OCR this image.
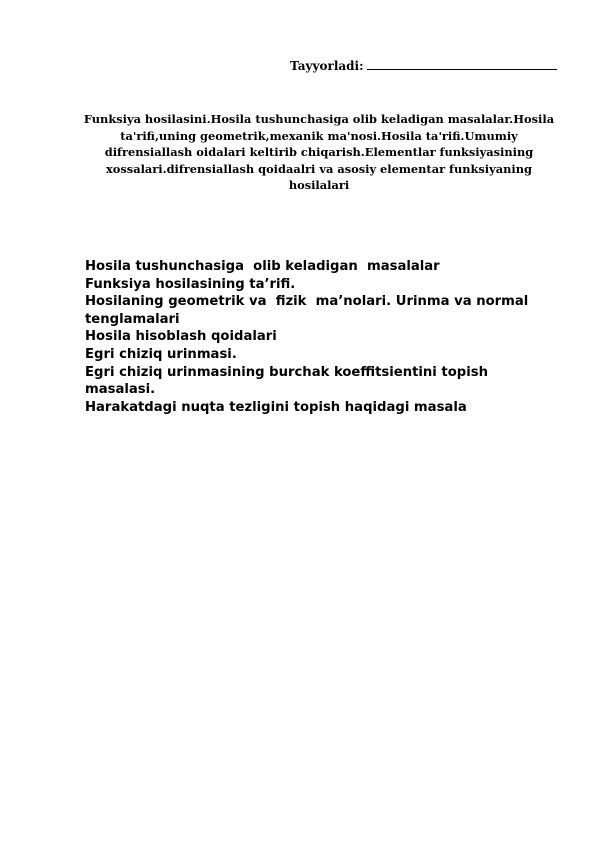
Tayyorladi:
Funksiya hosilasini.Hosila tushunchasiga olib keladigan masalalar.Hosila ta'rifi,uning geometrik,mexanik ma'nosi.Hosila ta'rifi.Umumiy difrensiallash oidalari keltirib chiqarish.Elementlar funksiyasining xossalari.difrensiallash qoidaalri va asosiy elementar funksiyaning hosilalari
Hosila tushunchasiga  olib keladigan  masalalar
Funksiya hosilasining ta’rifi.
Hosilaning geometrik va  fizik  ma’nolari. Urinma va normal tenglamalari
Hosila hisoblash qoidalari
Egri chiziq urinmasi.
Egri chiziq urinmasining burchak koeffitsientini topish masalasi.
Harakatdagi nuqta tezligini topish haqidagi masala
